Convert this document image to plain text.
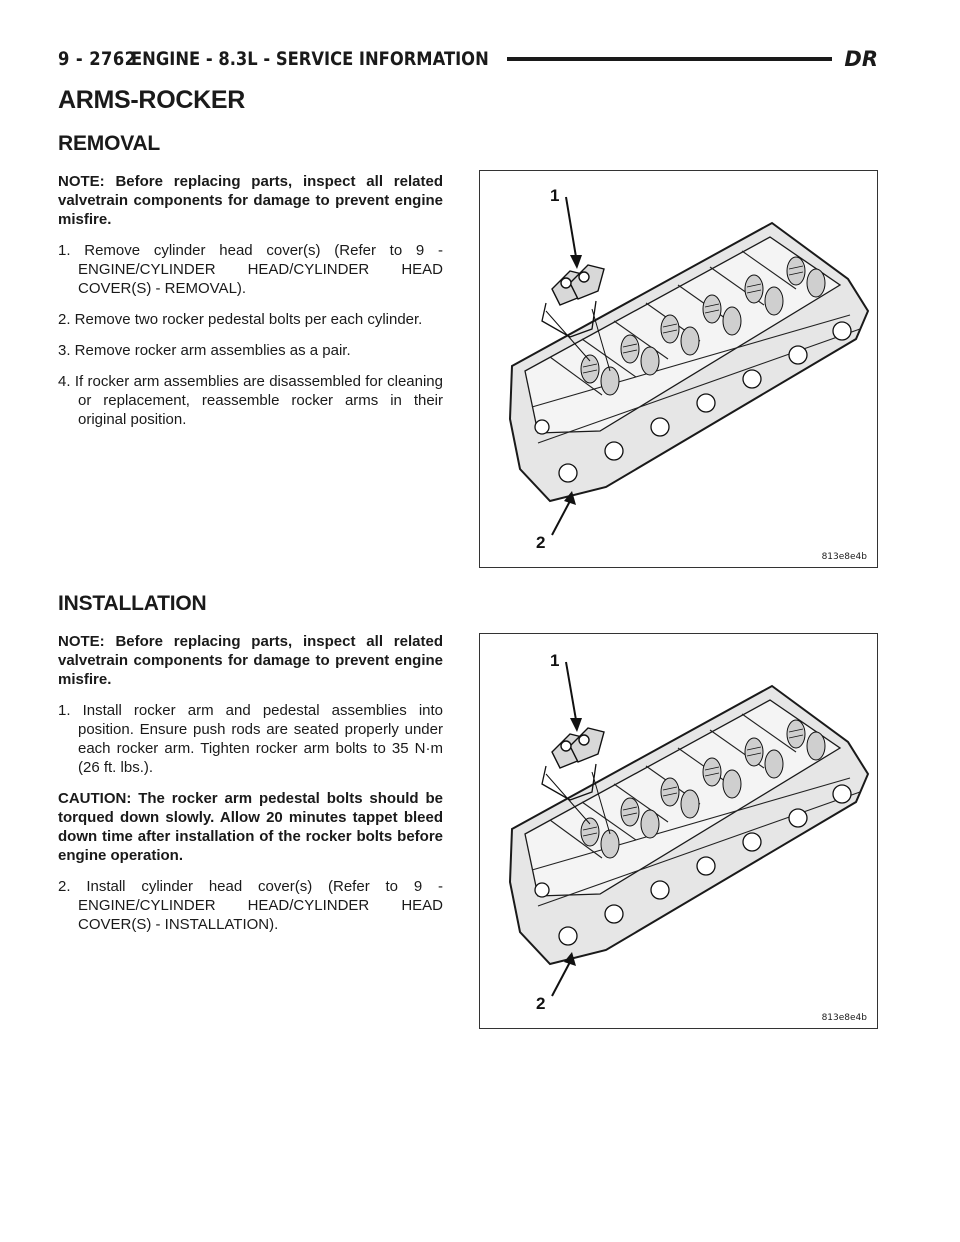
9 - 2762
ENGINE - 8.3L - SERVICE INFORMATION	DR
ARMS-ROCKER
REMOVAL

NOTE: Before replacing parts, inspect all related valvetrain components for damage to prevent engine misfire.

1. Remove cylinder head cover(s) (Refer to 9 - ENGINE/CYLINDER HEAD/CYLINDER HEAD COVER(S) - REMOVAL).

2. Remove two rocker pedestal bolts per each cylinder.

3. Remove rocker arm assemblies as a pair.

4. If rocker arm assemblies are disassembled for cleaning or replacement, reassemble rocker arms in their original position.

1
2
813e8e4b
INSTALLATION

NOTE: Before replacing parts, inspect all related valvetrain components for damage to prevent engine misfire.

1. Install rocker arm and pedestal assemblies into position. Ensure push rods are seated properly under each rocker arm. Tighten rocker arm bolts to 35 N·m (26 ft. lbs.).

CAUTION: The rocker arm pedestal bolts should be torqued down slowly. Allow 20 minutes tappet bleed down time after installation of the rocker bolts before engine operation.

2. Install cylinder head cover(s) (Refer to 9 - ENGINE/CYLINDER HEAD/CYLINDER HEAD COVER(S) - INSTALLATION).

1
2
813e8e4b
